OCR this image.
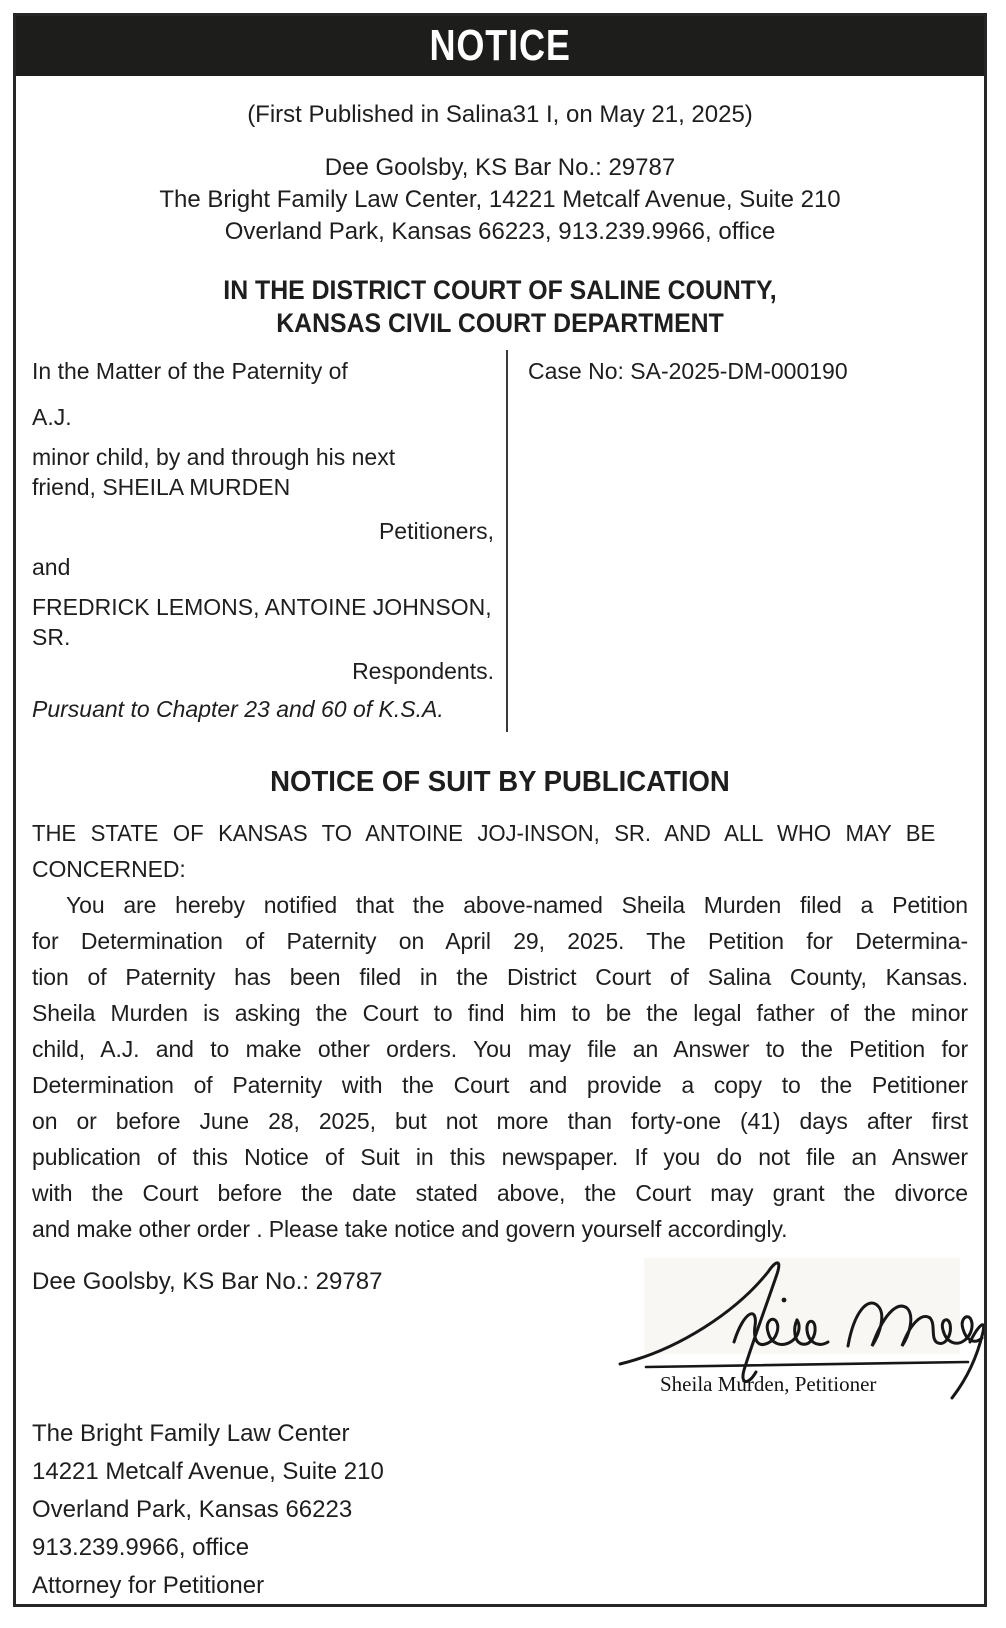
NOTICE
(First Published in Salina31 I, on May 21, 2025)
Dee Goolsby, KS Bar No.: 29787
The Bright Family Law Center, 14221 Metcalf Avenue, Suite 210
Overland Park, Kansas 66223, 913.239.9966, office
IN THE DISTRICT COURT OF SALINE COUNTY,
KANSAS CIVIL COURT DEPARTMENT
In the Matter of the Paternity of
A.J.
minor child, by and through his next
friend, SHEILA MURDEN
Petitioners,
and
FREDRICK LEMONS, ANTOINE JOHNSON,
SR.
Respondents.
Pursuant to Chapter 23 and 60 of K.S.A.
Case No: SA-2025-DM-000190
NOTICE OF SUIT BY PUBLICATION
THE STATE OF KANSAS TO ANTOINE JOJ-INSON, SR. AND ALL WHO MAY BE
CONCERNED:
You are hereby notified that the above-named Sheila Murden filed a Petition
for Determination of Paternity on April 29, 2025. The Petition for Determina-
tion of Paternity has been filed in the District Court of Salina County, Kansas.
Sheila Murden is asking the Court to find him to be the legal father of the minor
child, A.J. and to make other orders. You may file an Answer to the Petition for
Determination of Paternity with the Court and provide a copy to the Petitioner
on or before June 28, 2025, but not more than forty-one (41) days after first
publication of this Notice of Suit in this newspaper. If you do not file an Answer
with the Court before the date stated above, the Court may grant the divorce
and make other order . Please take notice and govern yourself accordingly.
Dee Goolsby, KS Bar No.: 29787
The Bright Family Law Center
14221 Metcalf Avenue, Suite 210
Overland Park, Kansas 66223
913.239.9966, office
Attorney for Petitioner
Sheila Murden, Petitioner
